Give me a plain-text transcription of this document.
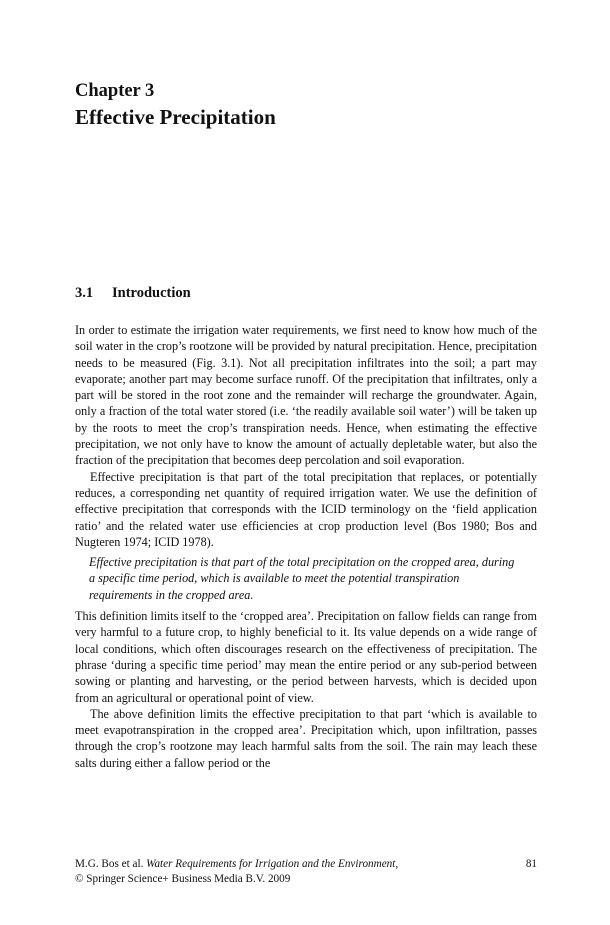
Chapter 3
Effective Precipitation
3.1 Introduction

In order to estimate the irrigation water requirements, we first need to know how much of the soil water in the crop’s rootzone will be provided by natural precipitation. Hence, precipitation needs to be measured (Fig. 3.1). Not all precipitation infiltrates into the soil; a part may evaporate; another part may become surface runoff. Of the precipitation that infiltrates, only a part will be stored in the root zone and the remainder will recharge the groundwater. Again, only a fraction of the total water stored (i.e. ‘the readily available soil water’) will be taken up by the roots to meet the crop’s transpiration needs. Hence, when estimating the effective precipitation, we not only have to know the amount of actually depletable water, but also the fraction of the precipitation that becomes deep percolation and soil evaporation.

Effective precipitation is that part of the total precipitation that replaces, or potentially reduces, a corresponding net quantity of required irrigation water. We use the definition of effective precipitation that corresponds with the ICID terminology on the ‘field application ratio’ and the related water use efficiencies at crop production level (Bos 1980; Bos and Nugteren 1974; ICID 1978).

Effective precipitation is that part of the total precipitation on the cropped area, during a specific time period, which is available to meet the potential transpiration requirements in the cropped area.

This definition limits itself to the ‘cropped area’. Precipitation on fallow fields can range from very harmful to a future crop, to highly beneficial to it. Its value depends on a wide range of local conditions, which often discourages research on the effectiveness of precipitation. The phrase ‘during a specific time period’ may mean the entire period or any sub-period between sowing or planting and harvesting, or the period between harvests, which is decided upon from an agricultural or operational point of view.

The above definition limits the effective precipitation to that part ‘which is available to meet evapotranspiration in the cropped area’. Precipitation which, upon infiltration, passes through the crop’s rootzone may leach harmful salts from the soil. The rain may leach these salts during either a fallow period or the

M.G. Bos et al. Water Requirements for Irrigation and the Environment,
© Springer Science+ Business Media B.V. 2009
81
